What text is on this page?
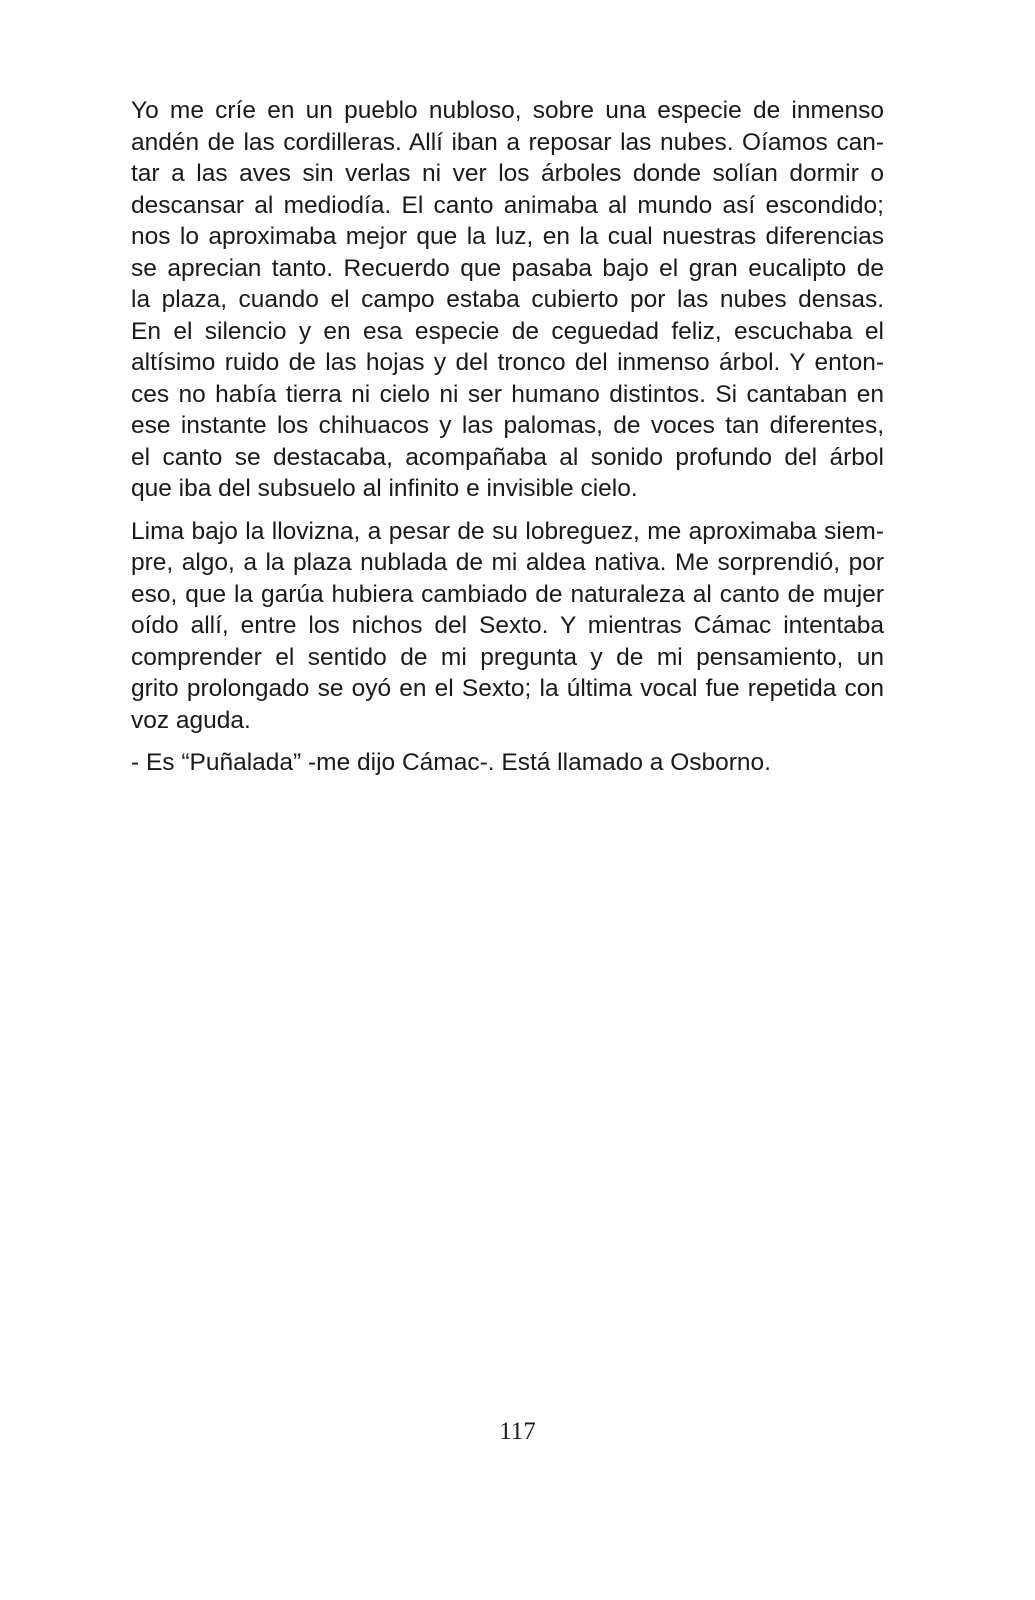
Yo me críe en un pueblo nubloso, sobre una especie de inmenso
andén de las cordilleras. Allí iban a reposar las nubes. Oíamos can-
tar a las aves sin verlas ni ver los árboles donde solían dormir o
descansar al mediodía. El canto animaba al mundo así escondido;
nos lo aproximaba mejor que la luz, en la cual nuestras diferencias
se aprecian tanto. Recuerdo que pasaba bajo el gran eucalipto de
la plaza, cuando el campo estaba cubierto por las nubes densas.
En el silencio y en esa especie de ceguedad feliz, escuchaba el
altísimo ruido de las hojas y del tronco del inmenso árbol. Y enton-
ces no había tierra ni cielo ni ser humano distintos. Si cantaban en
ese instante los chihuacos y las palomas, de voces tan diferentes,
el canto se destacaba, acompañaba al sonido profundo del árbol
que iba del subsuelo al infinito e invisible cielo.

Lima bajo la llovizna, a pesar de su lobreguez, me aproximaba siem-
pre, algo, a la plaza nublada de mi aldea nativa. Me sorprendió, por
eso, que la garúa hubiera cambiado de naturaleza al canto de mujer
oído allí, entre los nichos del Sexto. Y mientras Cámac intentaba
comprender el sentido de mi pregunta y de mi pensamiento, un
grito prolongado se oyó en el Sexto; la última vocal fue repetida con
voz aguda.

- Es “Puñalada” -me dijo Cámac-. Está llamado a Osborno.

117
